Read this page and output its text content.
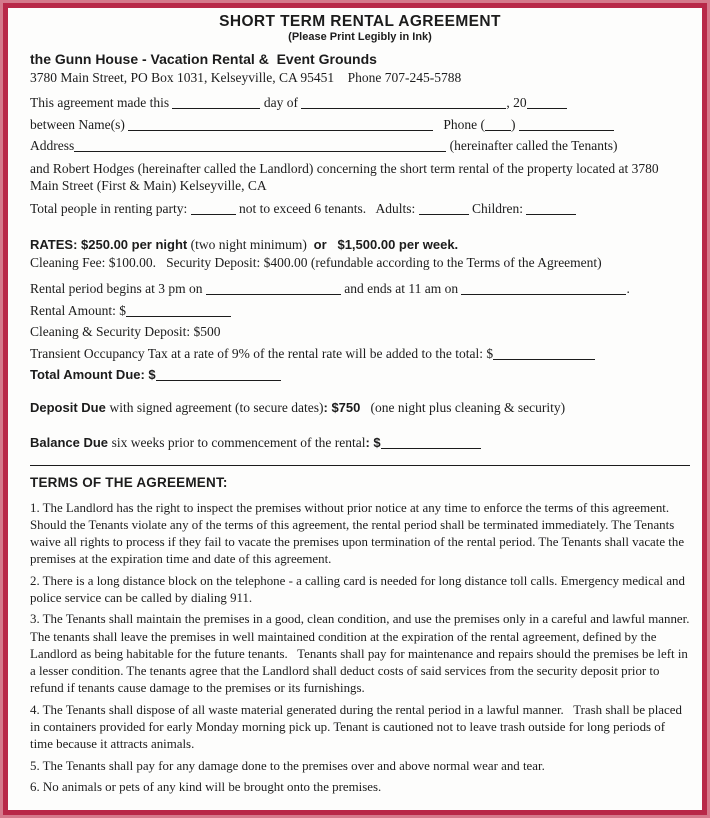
SHORT TERM RENTAL AGREEMENT
(Please Print Legibly in Ink)
the Gunn House - Vacation Rental &  Event Grounds
3780 Main Street, PO Box 1031, Kelseyville, CA 95451    Phone 707-245-5788
This agreement made this	day of	, 20
between Name(s)	Phone ( )
Address	(hereinafter called the Tenants)
and Robert Hodges (hereinafter called the Landlord) concerning the short term rental of the property located at 3780 Main Street (First & Main) Kelseyville, CA
Total people in renting party:	not to exceed 6 tenants.   Adults:	Children:
RATES: $250.00 per night (two night minimum)  or   $1,500.00 per week.
Cleaning Fee: $100.00.   Security Deposit: $400.00 (refundable according to the Terms of the Agreement)
Rental period begins at 3 pm on	and ends at 11 am on	.
Rental Amount: $
Cleaning & Security Deposit: $500
Transient Occupancy Tax at a rate of 9% of the rental rate will be added to the total: $
Total Amount Due: $
Deposit Due with signed agreement (to secure dates): $750   (one night plus cleaning & security)
Balance Due six weeks prior to commencement of the rental: $
TERMS OF THE AGREEMENT:
1. The Landlord has the right to inspect the premises without prior notice at any time to enforce the terms of this agreement. Should the Tenants violate any of the terms of this agreement, the rental period shall be terminated immediately. The Tenants waive all rights to process if they fail to vacate the premises upon termination of the rental period. The Tenants shall vacate the premises at the expiration time and date of this agreement.
2. There is a long distance block on the telephone - a calling card is needed for long distance toll calls. Emergency medical and police service can be called by dialing 911.
3. The Tenants shall maintain the premises in a good, clean condition, and use the premises only in a careful and lawful manner. The tenants shall leave the premises in well maintained condition at the expiration of the rental agreement, defined by the Landlord as being habitable for the future tenants.   Tenants shall pay for maintenance and repairs should the premises be left in a lesser condition. The tenants agree that the Landlord shall deduct costs of said services from the security deposit prior to refund if tenants cause damage to the premises or its furnishings.
4. The Tenants shall dispose of all waste material generated during the rental period in a lawful manner.   Trash shall be placed in containers provided for early Monday morning pick up. Tenant is cautioned not to leave trash outside for long periods of time because it attracts animals.
5. The Tenants shall pay for any damage done to the premises over and above normal wear and tear.
6. No animals or pets of any kind will be brought onto the premises.
